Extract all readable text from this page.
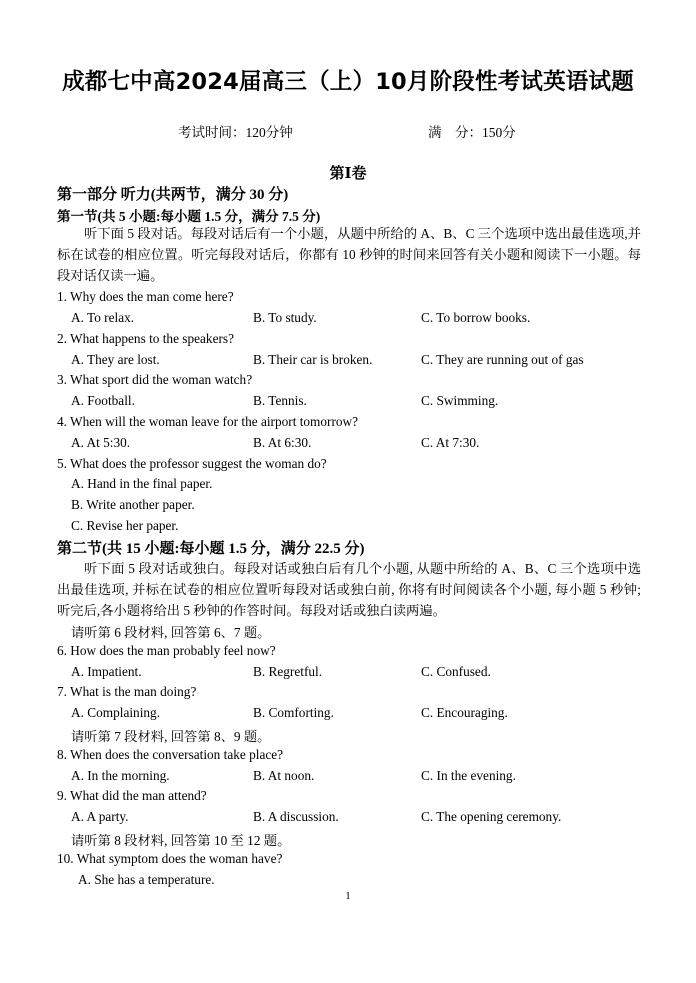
成都七中高2024届高三（上）10月阶段性考试英语试题
考试时间：120分钟	满　分：150分
第Ⅰ卷
第一部分 听力(共两节，满分 30 分)
第一节(共 5 小题:每小题 1.5 分，满分 7.5 分)

听下面 5 段对话。每段对话后有一个小题，从题中所给的 A、B、C 三个选项中选出最佳选项,并标在试卷的相应位置。听完每段对话后，你都有 10 秒钟的时间来回答有关小题和阅读下一小题。每段对话仅读一遍。

1. Why does the man come here?
A. To relax.	B. To study.	C. To borrow books.
2. What happens to the speakers?
A. They are lost.	B. Their car is broken.	C. They are running out of gas
3. What sport did the woman watch?
A. Football.	B. Tennis.	C. Swimming.
4. When will the woman leave for the airport tomorrow?
A. At 5:30.	B. At 6:30.	C. At 7:30.
5. What does the professor suggest the woman do?
A. Hand in the final paper.
B. Write another paper.
C. Revise her paper.
第二节(共 15 小题:每小题 1.5 分，满分 22.5 分)

听下面 5 段对话或独白。每段对话或独白后有几个小题, 从题中所给的 A、B、C 三个选项中选出最佳选项, 并标在试卷的相应位置听每段对话或独白前, 你将有时间阅读各个小题, 每小题 5 秒钟; 听完后,各小题将给出 5 秒钟的作答时间。每段对话或独白读两遍。

请听第 6 段材料, 回答第 6、7 题。
6. How does the man probably feel now?
A. Impatient.	B. Regretful.	C. Confused.
7. What is the man doing?
A. Complaining.	B. Comforting.	C. Encouraging.
请听第 7 段材料, 回答第 8、9 题。
8. When does the conversation take place?
A. In the morning.	B. At noon.	C. In the evening.
9. What did the man attend?
A. A party.	B. A discussion.	C. The opening ceremony.
请听第 8 段材料, 回答第 10 至 12 题。
10. What symptom does the woman have?
A. She has a temperature.
1
